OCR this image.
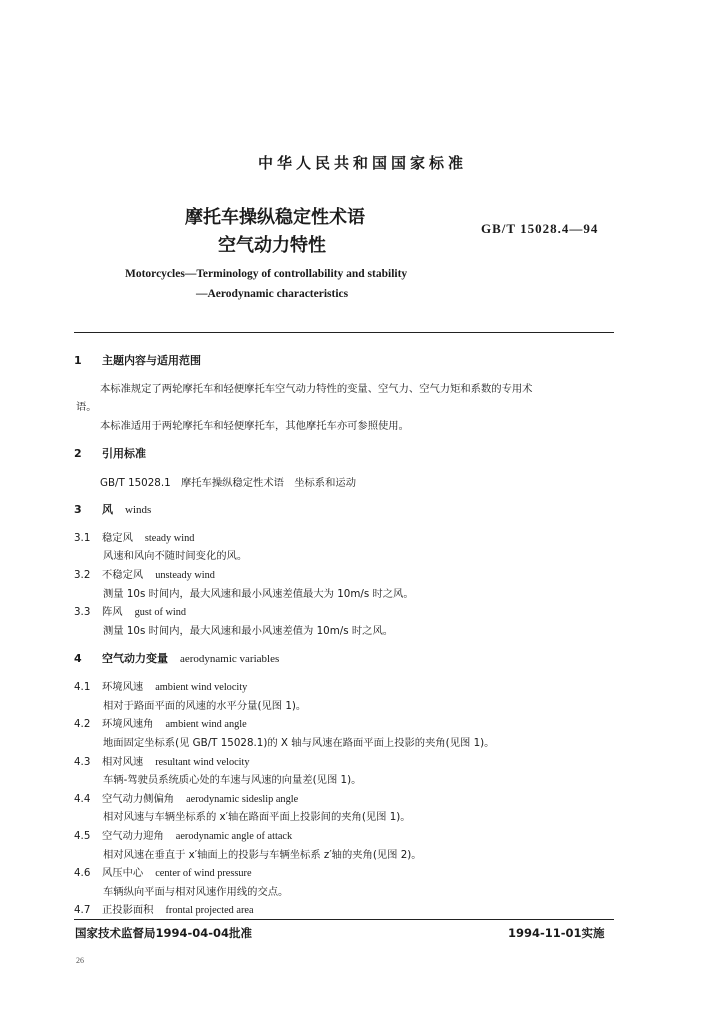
中华人民共和国国家标准
摩托车操纵稳定性术语
空气动力特性
GB/T 15028.4—94
Motorcycles—Terminology of controllability and stability
—Aerodynamic characteristics
1 主题内容与适用范围
本标准规定了两轮摩托车和轻便摩托车空气动力特性的变量、空气力、空气力矩和系数的专用术
语。
本标准适用于两轮摩托车和轻便摩托车，其他摩托车亦可参照使用。
2 引用标准
GB/T 15028.1　摩托车操纵稳定性术语　坐标系和运动
3 风 winds
3.1 稳定风 steady wind
风速和风向不随时间变化的风。
3.2 不稳定风 unsteady wind
测量 10s 时间内，最大风速和最小风速差值最大为 10m/s 时之风。
3.3 阵风 gust of wind
测量 10s 时间内，最大风速和最小风速差值为 10m/s 时之风。
4 空气动力变量 aerodynamic variables
4.1 环境风速 ambient wind velocity
相对于路面平面的风速的水平分量(见图 1)。
4.2 环境风速角 ambient wind angle
地面固定坐标系(见 GB/T 15028.1)的 X 轴与风速在路面平面上投影的夹角(见图 1)。
4.3 相对风速 resultant wind velocity
车辆-驾驶员系统质心处的车速与风速的向量差(见图 1)。
4.4 空气动力侧偏角 aerodynamic sideslip angle
相对风速与车辆坐标系的 x′轴在路面平面上投影间的夹角(见图 1)。
4.5 空气动力迎角 aerodynamic angle of attack
相对风速在垂直于 x′轴面上的投影与车辆坐标系 z′轴的夹角(见图 2)。
4.6 风压中心 center of wind pressure
车辆纵向平面与相对风速作用线的交点。
4.7 正投影面积 frontal projected area
国家技术监督局1994-04-04批准	1994-11-01实施
26
